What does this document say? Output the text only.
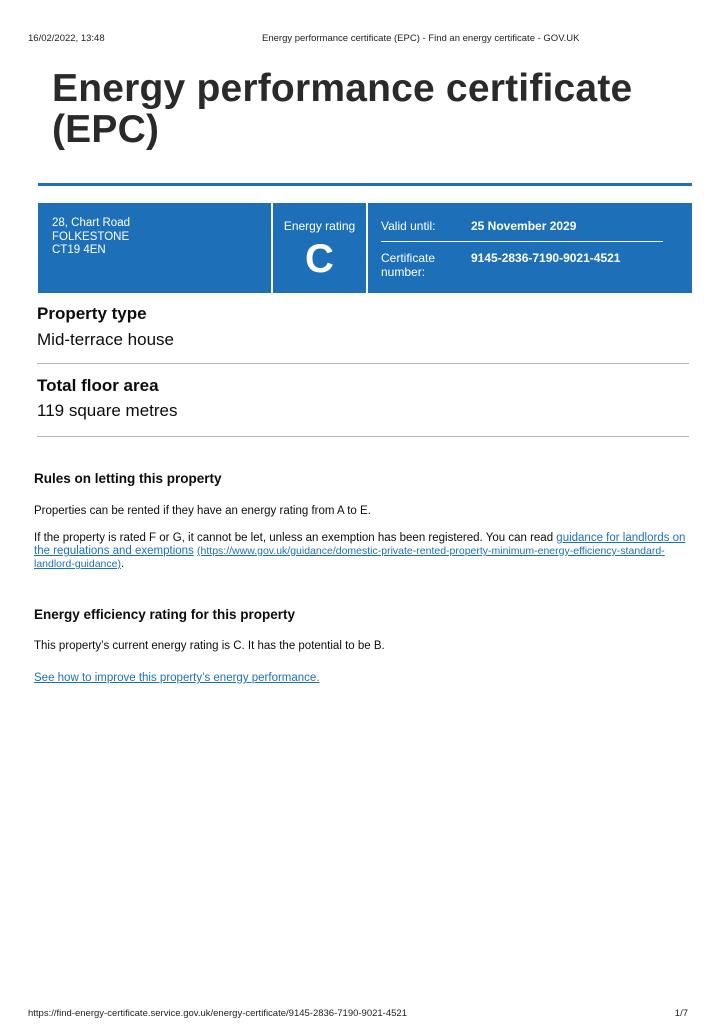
16/02/2022, 13:48	Energy performance certificate (EPC) - Find an energy certificate - GOV.UK
Energy performance certificate (EPC)
28, Chart Road
FOLKESTONE
CT19 4EN
Energy rating
C
Valid until:	25 November 2029
Certificate number:
9145-2836-7190-9021-4521
Property type

Mid-terrace house

Total floor area

119 square metres

Rules on letting this property

Properties can be rented if they have an energy rating from A to E.

If the property is rated F or G, it cannot be let, unless an exemption has been registered. You can read guidance for landlords on the regulations and exemptions (https://www.gov.uk/guidance/domestic-private-rented-property-minimum-energy-efficiency-standard-landlord-guidance).

Energy efficiency rating for this property

This property’s current energy rating is C. It has the potential to be B.

See how to improve this property’s energy performance.
https://find-energy-certificate.service.gov.uk/energy-certificate/9145-2836-7190-9021-4521	1/7
